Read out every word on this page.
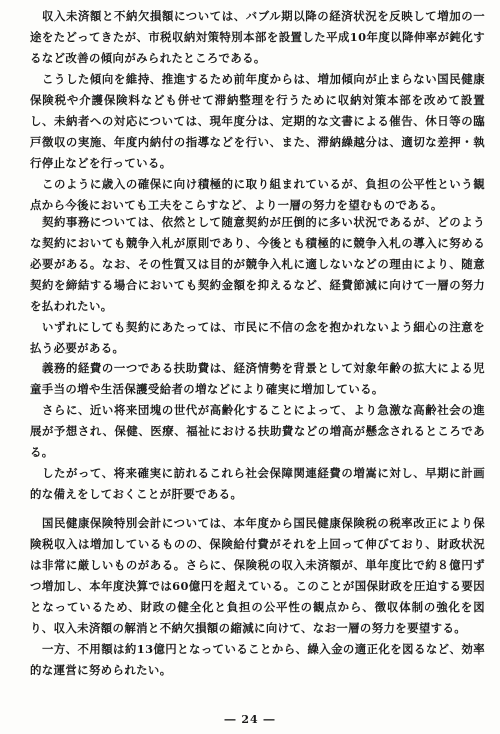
収入未済額と不納欠損額については、バブル期以降の経済状況を反映して増加の一途をたどってきたが、市税収納対策特別本部を設置した平成10年度以降伸率が鈍化するなど改善の傾向がみられたところである。

こうした傾向を維持、推進するため前年度からは、増加傾向が止まらない国民健康保険税や介護保険料なども併せて滞納整理を行うために収納対策本部を改めて設置し、未納者への対応については、現年度分は、定期的な文書による催告、休日等の臨戸徴収の実施、年度内納付の指導などを行い、また、滞納繰越分は、適切な差押・執行停止などを行っている。

このように歳入の確保に向け積極的に取り組まれているが、負担の公平性という観点から今後においても工夫をこらすなど、より一層の努力を望むものである。

契約事務については、依然として随意契約が圧倒的に多い状況であるが、どのような契約においても競争入札が原則であり、今後とも積極的に競争入札の導入に努める必要がある。なお、その性質又は目的が競争入札に適しないなどの理由により、随意契約を締結する場合においても契約金額を抑えるなど、経費節減に向けて一層の努力を払われたい。

いずれにしても契約にあたっては、市民に不信の念を抱かれないよう細心の注意を払う必要がある。

義務的経費の一つである扶助費は、経済情勢を背景として対象年齢の拡大による児童手当の増や生活保護受給者の増などにより確実に増加している。

さらに、近い将来団塊の世代が高齢化することによって、より急激な高齢社会の進展が予想され、保健、医療、福祉における扶助費などの増高が懸念されるところである。

したがって、将来確実に訪れるこれら社会保障関連経費の増嵩に対し、早期に計画的な備えをしておくことが肝要である。

国民健康保険特別会計については、本年度から国民健康保険税の税率改正により保険税収入は増加しているものの、保険給付費がそれを上回って伸びており、財政状況は非常に厳しいものがある。さらに、保険税の収入未済額が、単年度比で約８億円ずつ増加し、本年度決算では60億円を超えている。このことが国保財政を圧迫する要因となっているため、財政の健全化と負担の公平性の観点から、徴収体制の強化を図り、収入未済額の解消と不納欠損額の縮減に向けて、なお一層の努力を要望する。

一方、不用額は約13億円となっていることから、繰入金の適正化を図るなど、効率的な運営に努められたい。

― 24 ―
